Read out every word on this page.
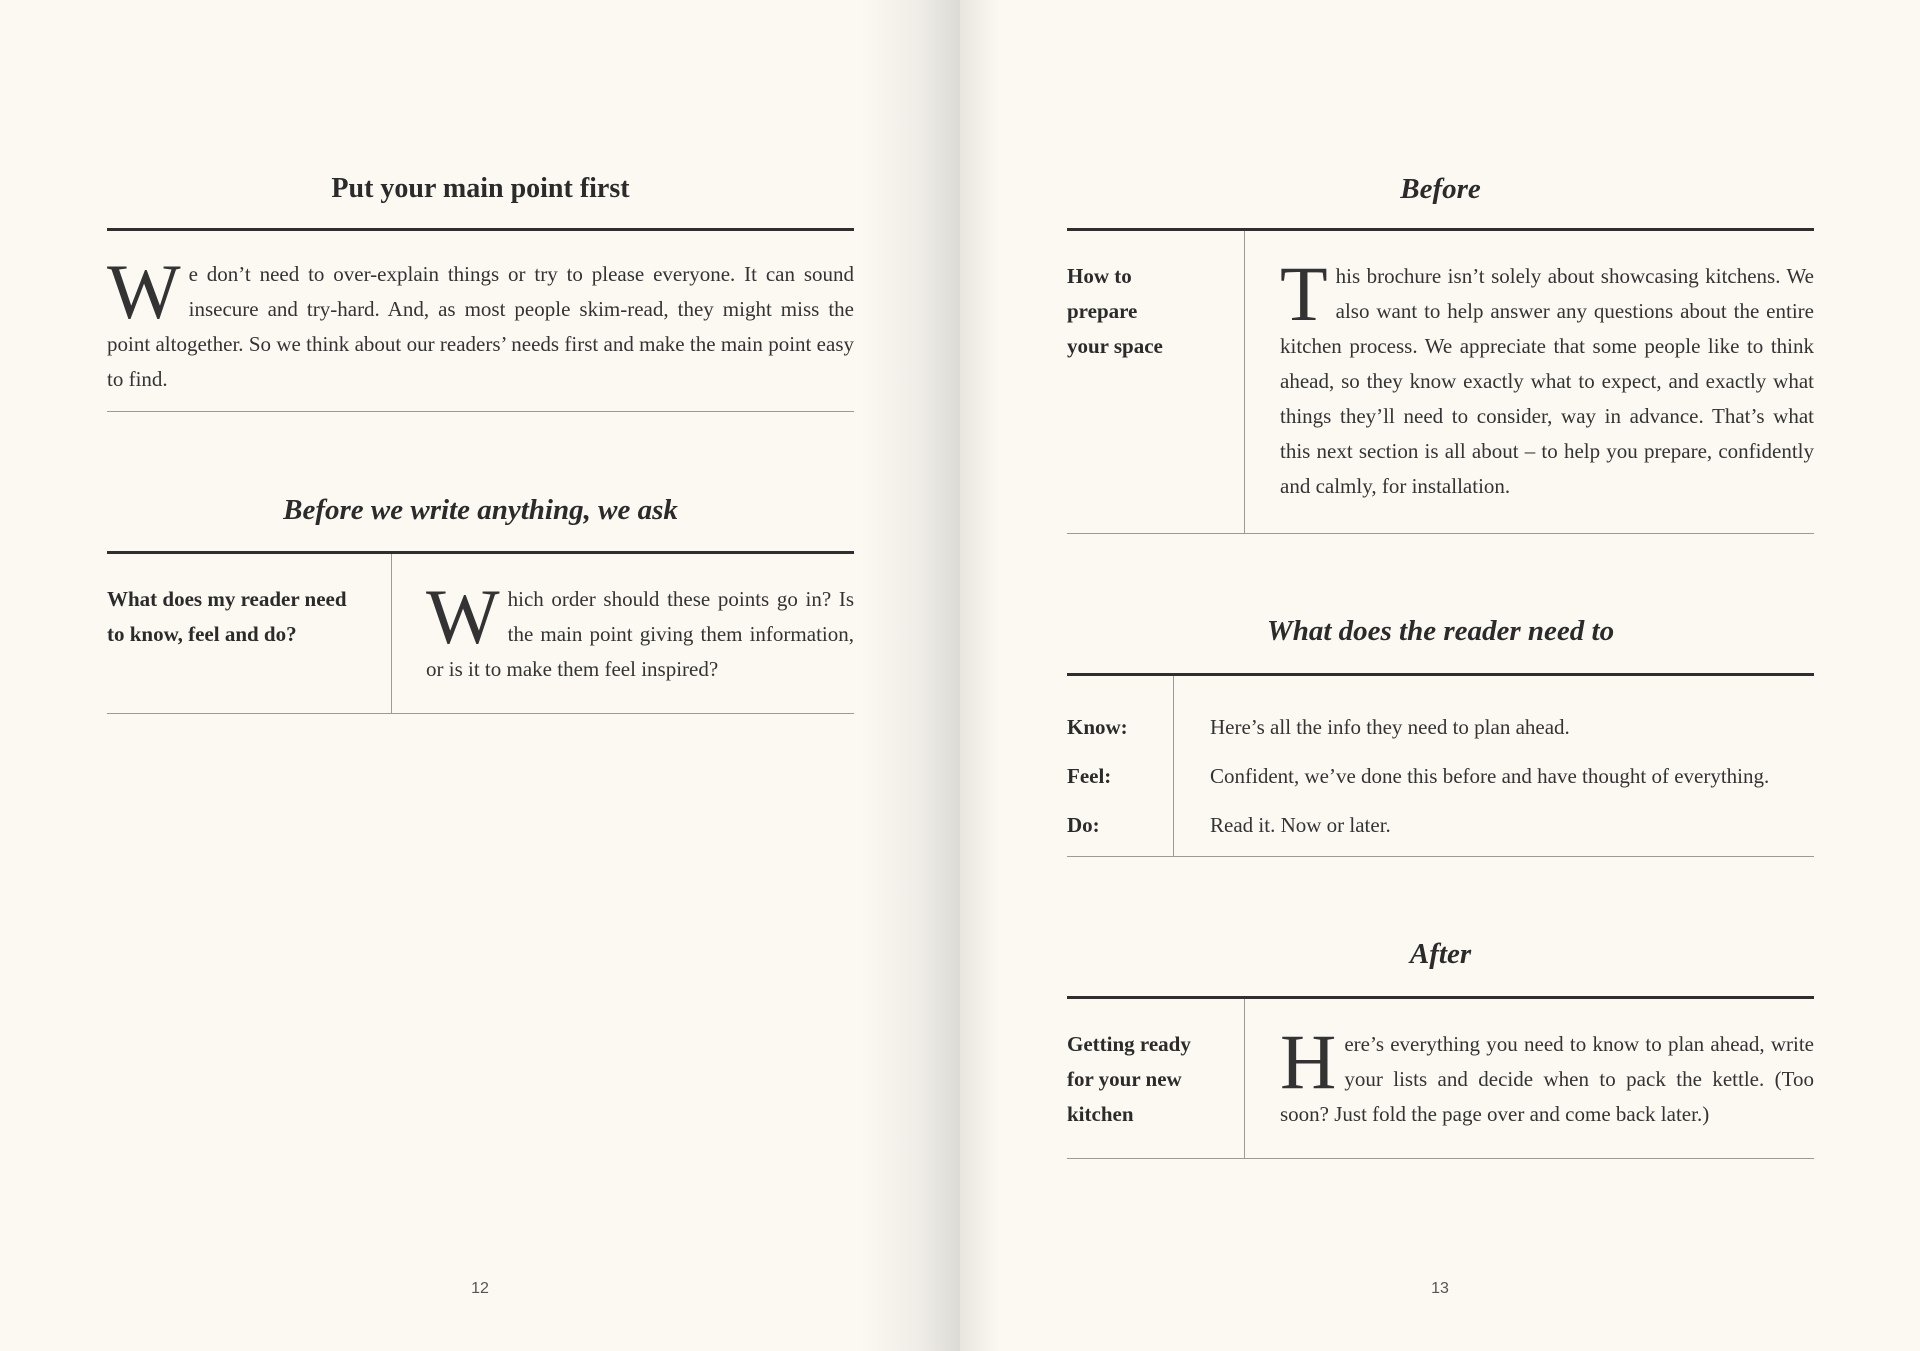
Put your main point first

We don’t need to over-explain things or try to please everyone. It can sound insecure and try-hard. And, as most people skim-read, they might miss the point altogether. So we think about our readers’ needs first and make the main point easy to find.

Before we write anything, we ask
What does my reader need to know, feel and do?	Which order should these points go in? Is the main point giving them information, or is it to make them feel inspired?

12
Before
How to prepare your space

This brochure isn’t solely about showcasing kitchens. We also want to help answer any questions about the entire kitchen process. We appreciate that some people like to think ahead, so they know exactly what to expect, and exactly what things they’ll need to consider, way in advance. That’s what this next section is all about – to help you prepare, confidently and calmly, for installation.

What does the reader need to
Know:
Feel:
Do:
Here’s all the info they need to plan ahead.
Confident, we’ve done this before and have thought of everything.
Read it. Now or later.
After
Getting ready for your new kitchen

Here’s everything you need to know to plan ahead, write your lists and decide when to pack the kettle. (Too soon? Just fold the page over and come back later.)

13
